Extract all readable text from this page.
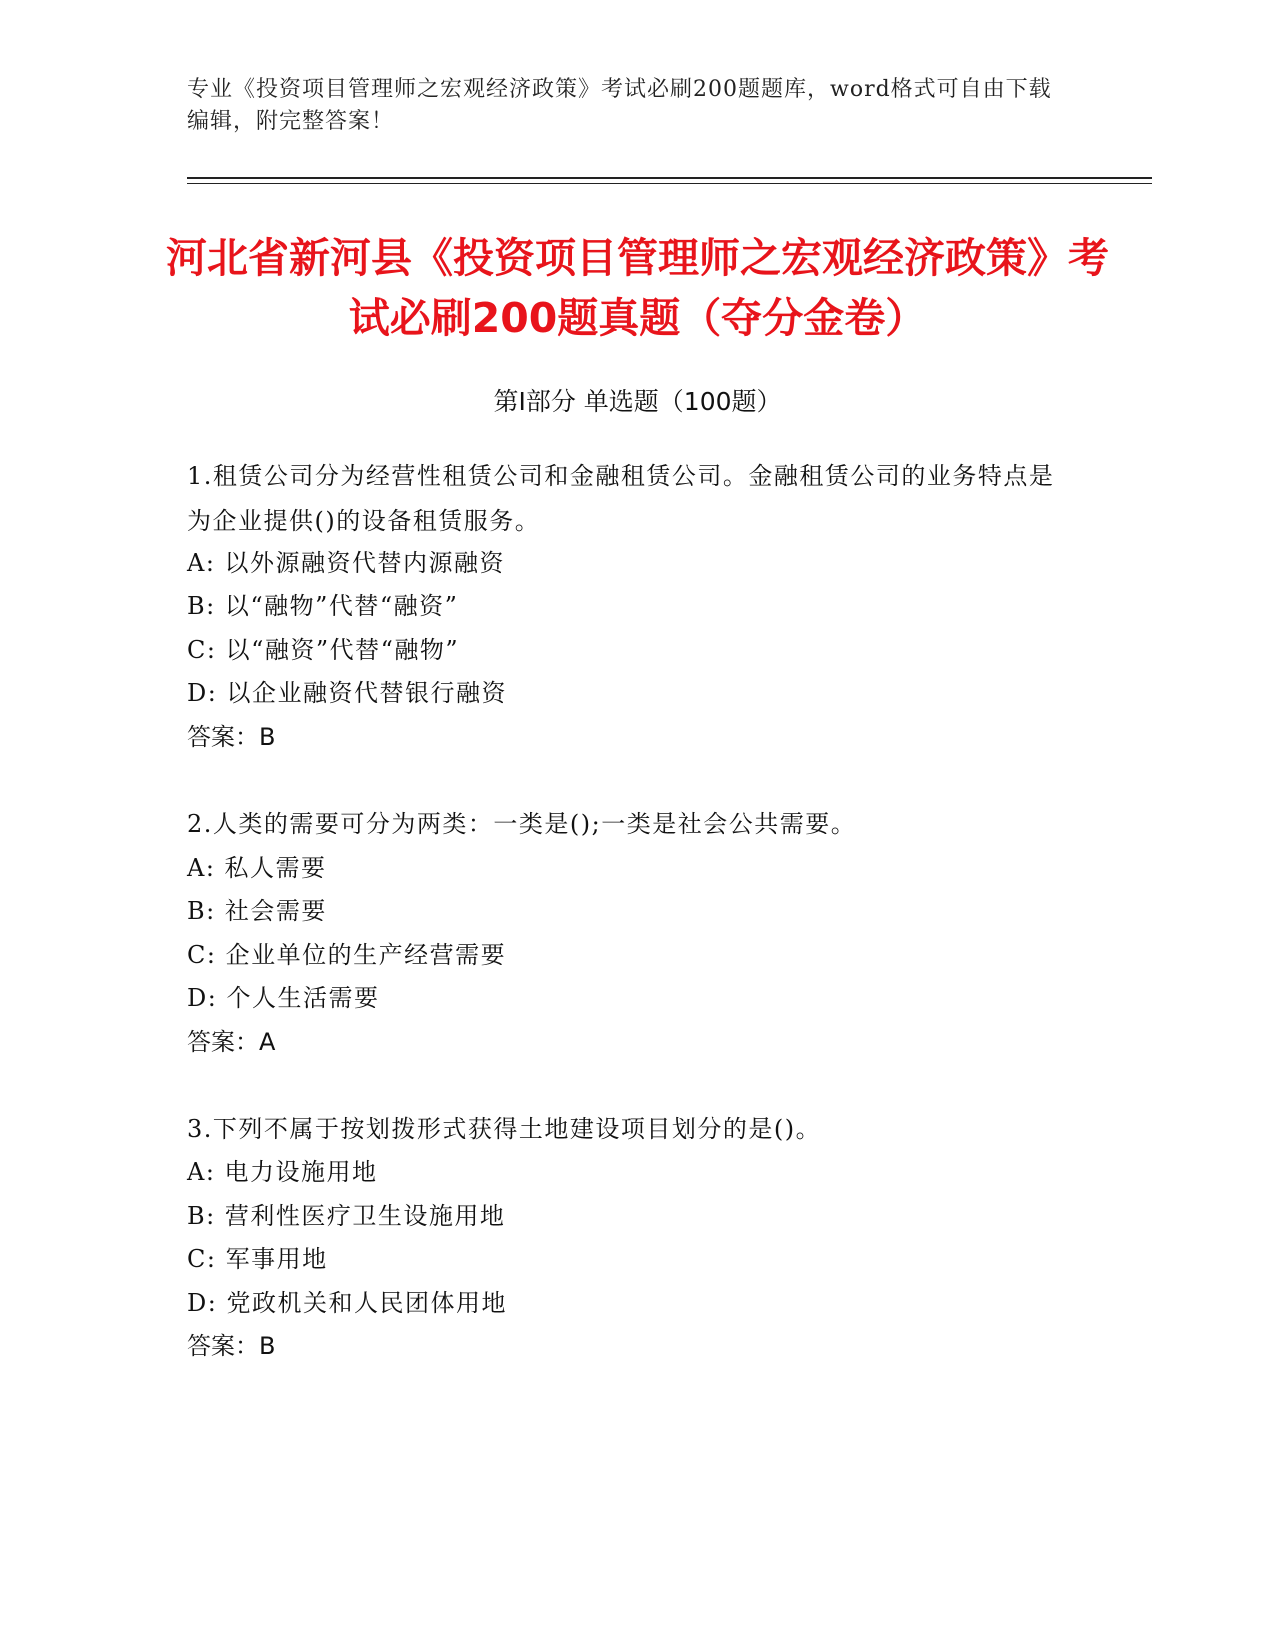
专业《投资项目管理师之宏观经济政策》考试必刷200题题库，word格式可自由下载编辑，附完整答案！
河北省新河县《投资项目管理师之宏观经济政策》考试必刷200题真题（夺分金卷）
第I部分 单选题（100题）
1.租赁公司分为经营性租赁公司和金融租赁公司。金融租赁公司的业务特点是为企业提供()的设备租赁服务。
A: 以外源融资代替内源融资
B: 以“融物”代替“融资”
C: 以“融资”代替“融物”
D: 以企业融资代替银行融资
答案：B
2.人类的需要可分为两类：一类是();一类是社会公共需要。
A: 私人需要
B: 社会需要
C: 企业单位的生产经营需要
D: 个人生活需要
答案：A
3.下列不属于按划拨形式获得土地建设项目划分的是()。
A: 电力设施用地
B: 营利性医疗卫生设施用地
C: 军事用地
D: 党政机关和人民团体用地
答案：B
